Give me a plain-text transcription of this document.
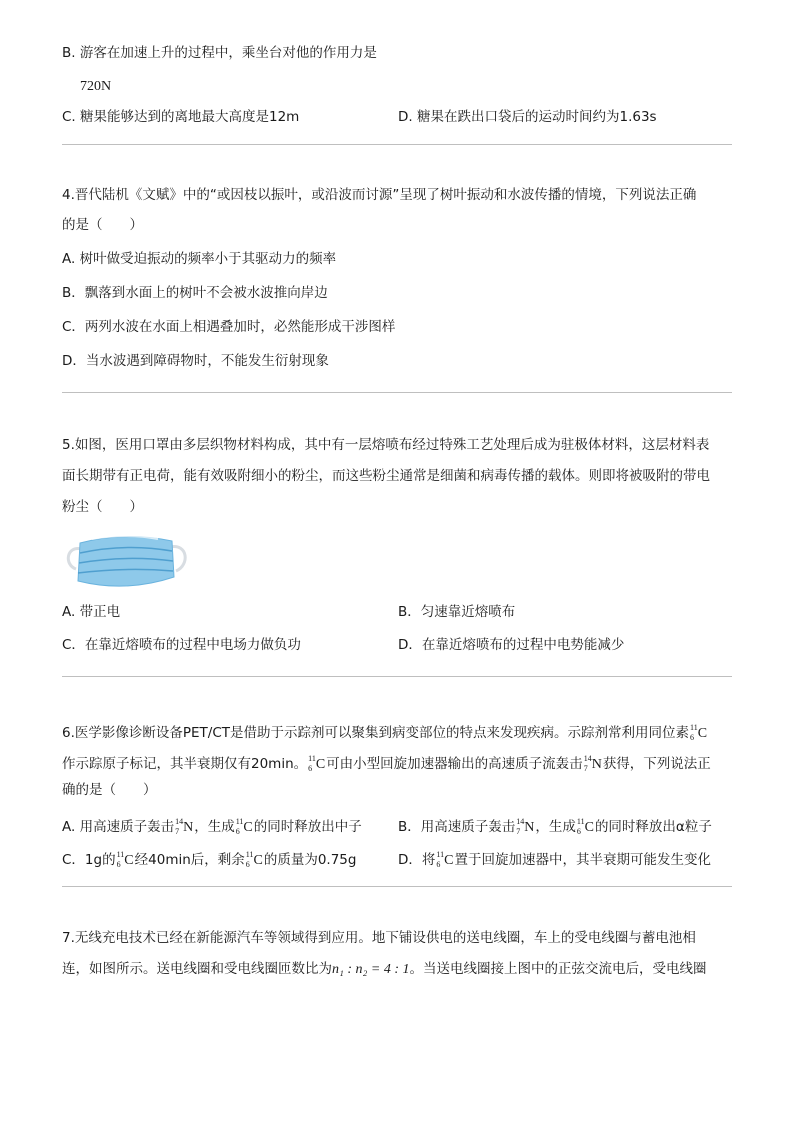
B. 游客在加速上升的过程中，乘坐台对他的作用力是
720N
C. 糖果能够达到的离地最大高度是12m	D. 糖果在跌出口袋后的运动时间约为1.63s
4.晋代陆机《文赋》中的“或因枝以振叶，或沿波而讨源”呈现了树叶振动和水波传播的情境，下列说法正确
的是（　　）
A. 树叶做受迫振动的频率小于其驱动力的频率
B．飘落到水面上的树叶不会被水波推向岸边
C．两列水波在水面上相遇叠加时，必然能形成干涉图样
D．当水波遇到障碍物时，不能发生衍射现象
5.如图，医用口罩由多层织物材料构成，其中有一层熔喷布经过特殊工艺处理后成为驻极体材料，这层材料表
面长期带有正电荷，能有效吸附细小的粉尘，而这些粉尘通常是细菌和病毒传播的载体。则即将被吸附的带电
粉尘（　　）
A. 带正电	B．匀速靠近熔喷布
C．在靠近熔喷布的过程中电场力做负功	D．在靠近熔喷布的过程中电势能减少
6.医学影像诊断设备PET/CT是借助于示踪剂可以聚集到病变部位的特点来发现疾病。示踪剂常利用同位素$^{11}$
6 C
作示踪原子标记，其半衰期仅有20min。$^{11}$
6 C可由小型回旋加速器输出的高速质子流轰击$^{14}$
7 N获得，下列说法正
确的是（　　）
A. 用高速质子轰击$^{14}$
7 N，生成$^{11}$
6 C的同时释放出中子	B．用高速质子轰击$^{14}$
7 N，生成$^{11}$
6 C的同时释放出α粒子
C．1g的$^{11}$
6 C经40min后，剩余$^{11}$
6 C的质量为0.75g	D．将$^{11}$
6 C置于回旋加速器中，其半衰期可能发生变化
7.无线充电技术已经在新能源汽车等领域得到应用。地下铺设供电的送电线圈，车上的受电线圈与蓄电池相
连，如图所示。送电线圈和受电线圈匝数比为n₁ : n₂ = 4 : 1。当送电线圈接上图中的正弦交流电后，受电线圈
